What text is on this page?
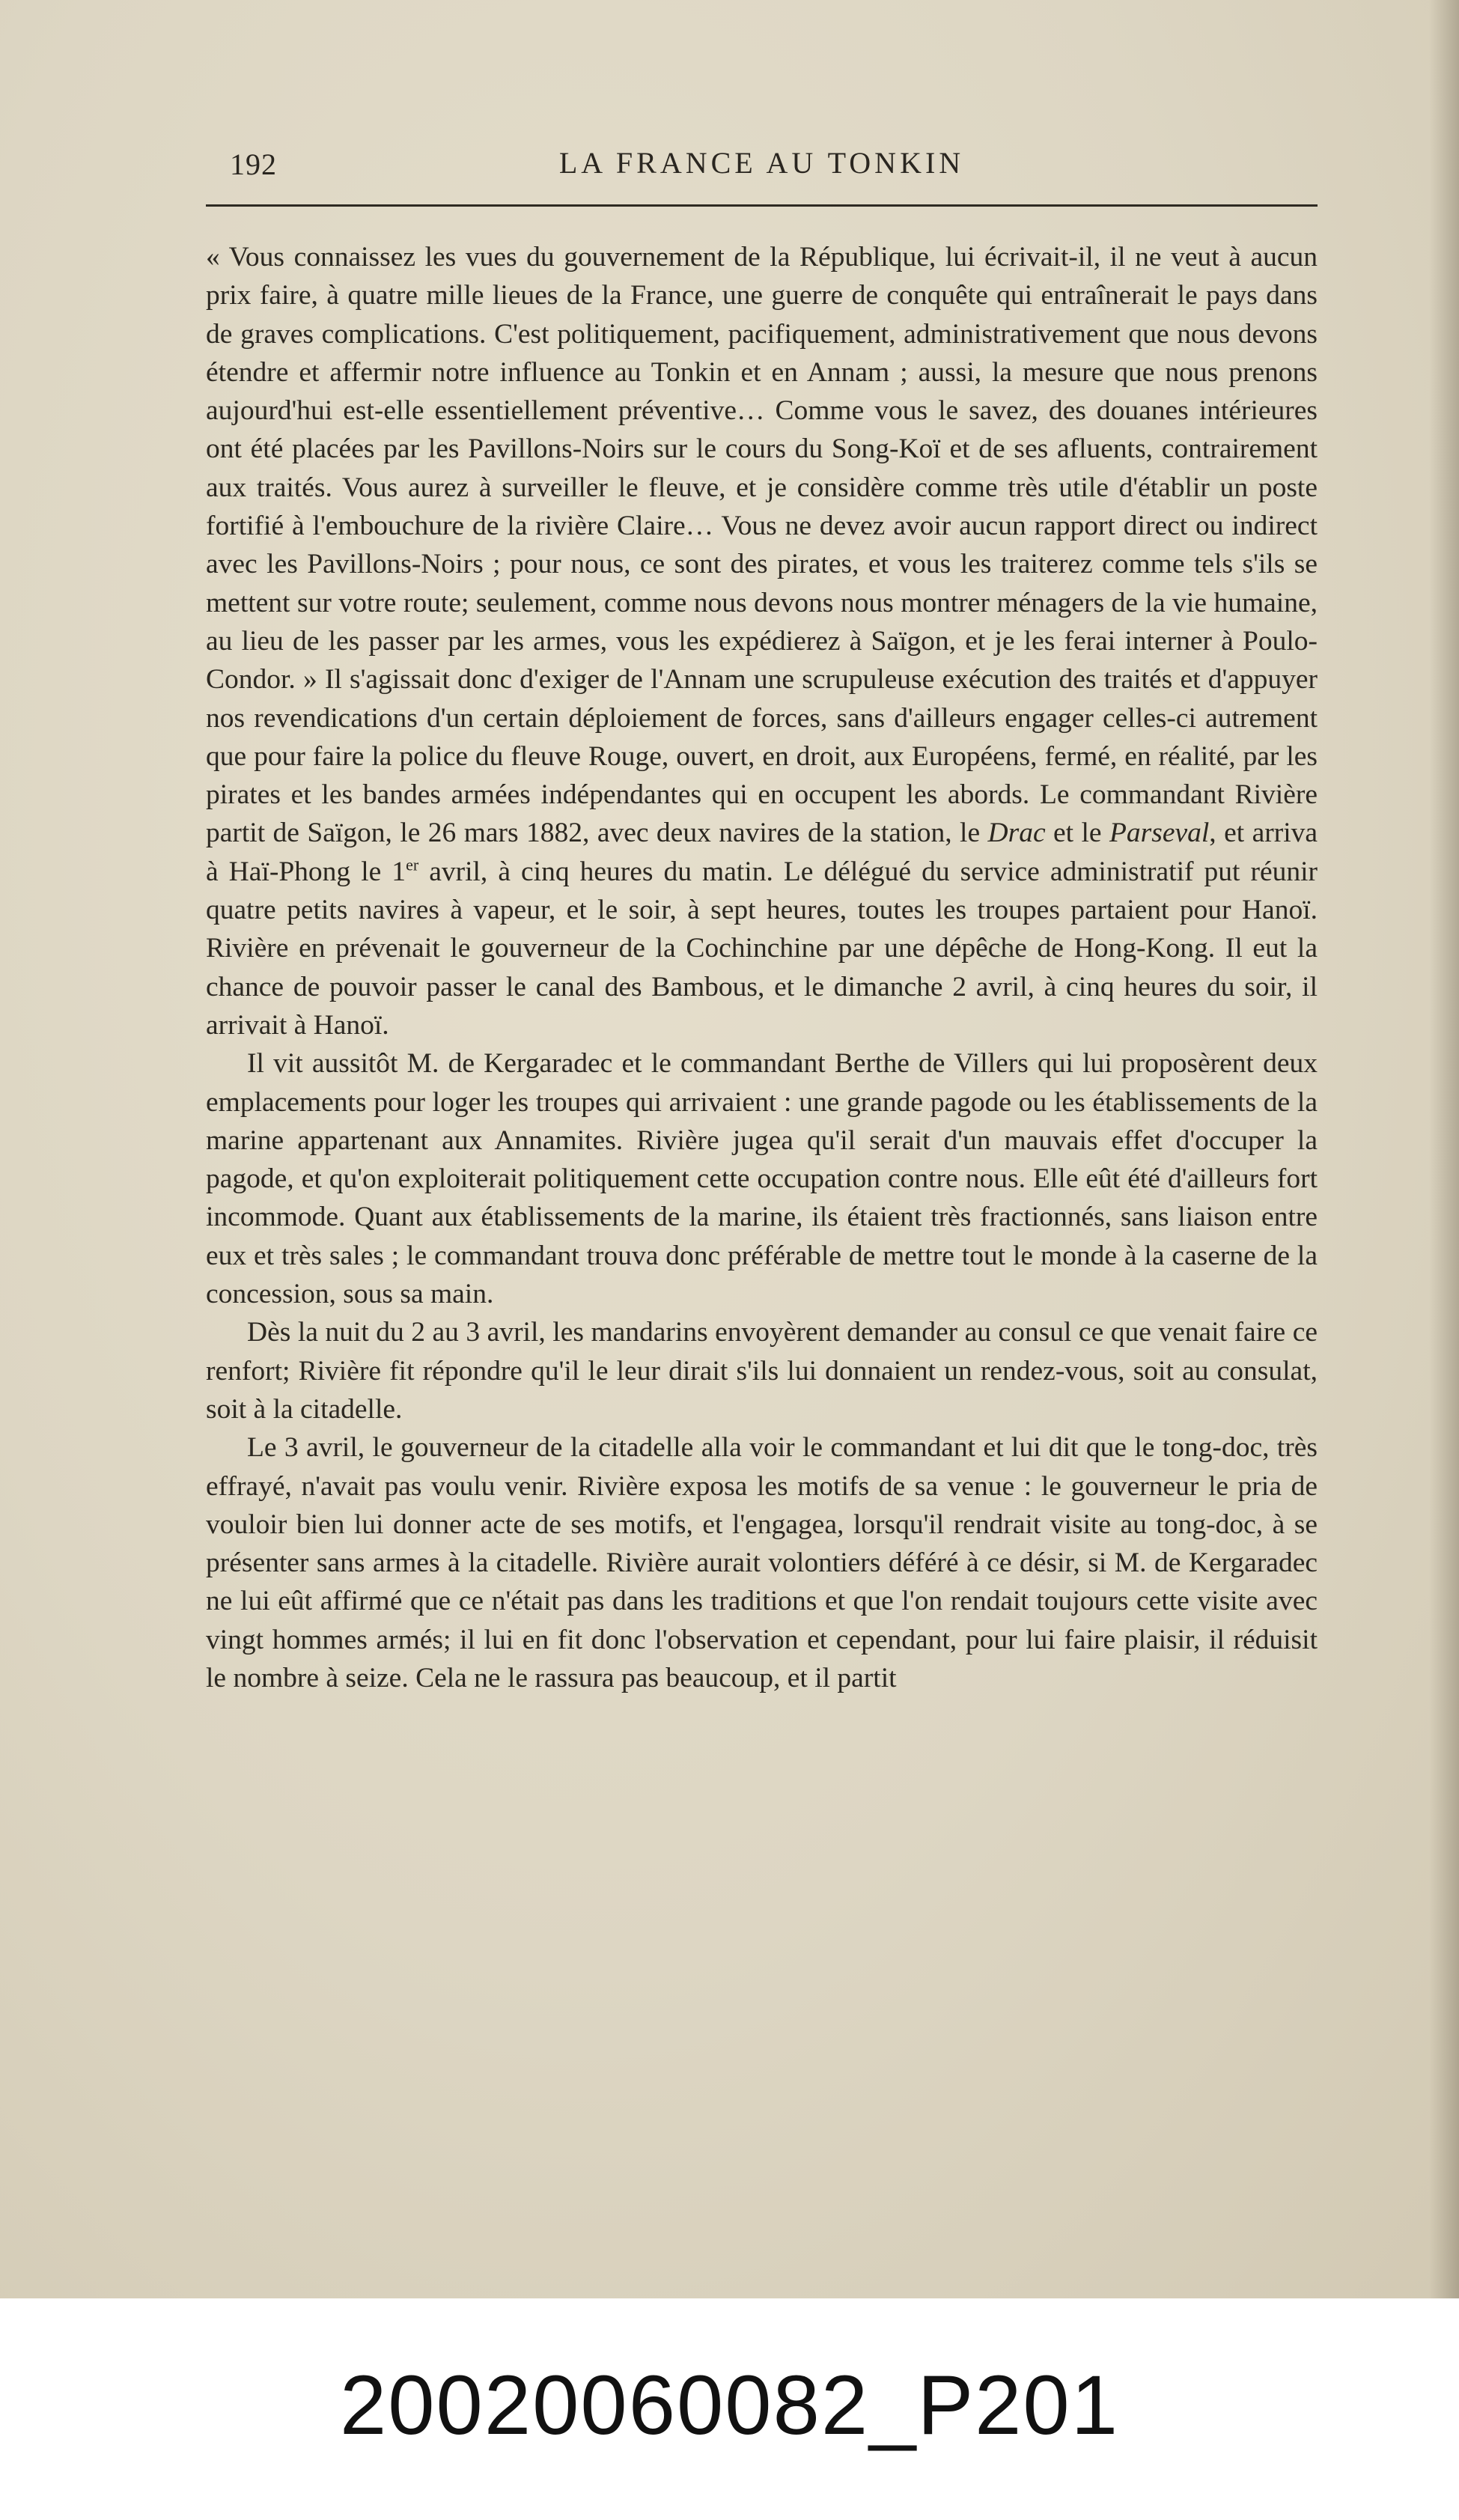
192	LA FRANCE AU TONKIN

« Vous connaissez les vues du gouvernement de la République, lui écrivait-il, il ne veut à aucun prix faire, à quatre mille lieues de la France, une guerre de conquête qui entraînerait le pays dans de graves complications. C'est politiquement, pacifiquement, administrativement que nous devons étendre et affermir notre influence au Tonkin et en Annam ; aussi, la mesure que nous prenons aujourd'hui est-elle essentiellement préventive… Comme vous le savez, des douanes intérieures ont été placées par les Pavillons-Noirs sur le cours du Song-Koï et de ses afluents, contrairement aux traités. Vous aurez à surveiller le fleuve, et je considère comme très utile d'établir un poste fortifié à l'embouchure de la rivière Claire… Vous ne devez avoir aucun rapport direct ou indirect avec les Pavillons-Noirs ; pour nous, ce sont des pirates, et vous les traiterez comme tels s'ils se mettent sur votre route; seulement, comme nous devons nous montrer ménagers de la vie humaine, au lieu de les passer par les armes, vous les expédierez à Saïgon, et je les ferai interner à Poulo-Condor. » Il s'agissait donc d'exiger de l'Annam une scrupuleuse exécution des traités et d'appuyer nos revendications d'un certain déploiement de forces, sans d'ailleurs engager celles-ci autrement que pour faire la police du fleuve Rouge, ouvert, en droit, aux Européens, fermé, en réalité, par les pirates et les bandes armées indépendantes qui en occupent les abords. Le commandant Rivière partit de Saïgon, le 26 mars 1882, avec deux navires de la station, le Drac et le Parseval, et arriva à Haï-Phong le 1er avril, à cinq heures du matin. Le délégué du service administratif put réunir quatre petits navires à vapeur, et le soir, à sept heures, toutes les troupes partaient pour Hanoï. Rivière en prévenait le gouverneur de la Cochinchine par une dépêche de Hong-Kong. Il eut la chance de pouvoir passer le canal des Bambous, et le dimanche 2 avril, à cinq heures du soir, il arrivait à Hanoï.

Il vit aussitôt M. de Kergaradec et le commandant Berthe de Villers qui lui proposèrent deux emplacements pour loger les troupes qui arrivaient : une grande pagode ou les établissements de la marine appartenant aux Annamites. Rivière jugea qu'il serait d'un mauvais effet d'occuper la pagode, et qu'on exploiterait politiquement cette occupation contre nous. Elle eût été d'ailleurs fort incommode. Quant aux établissements de la marine, ils étaient très fractionnés, sans liaison entre eux et très sales ; le commandant trouva donc préférable de mettre tout le monde à la caserne de la concession, sous sa main.

Dès la nuit du 2 au 3 avril, les mandarins envoyèrent demander au consul ce que venait faire ce renfort; Rivière fit répondre qu'il le leur dirait s'ils lui donnaient un rendez-vous, soit au consulat, soit à la citadelle.

Le 3 avril, le gouverneur de la citadelle alla voir le commandant et lui dit que le tong-doc, très effrayé, n'avait pas voulu venir. Rivière exposa les motifs de sa venue : le gouverneur le pria de vouloir bien lui donner acte de ses motifs, et l'engagea, lorsqu'il rendrait visite au tong-doc, à se présenter sans armes à la citadelle. Rivière aurait volontiers déféré à ce désir, si M. de Kergaradec ne lui eût affirmé que ce n'était pas dans les traditions et que l'on rendait toujours cette visite avec vingt hommes armés; il lui en fit donc l'observation et cependant, pour lui faire plaisir, il réduisit le nombre à seize. Cela ne le rassura pas beaucoup, et il partit

20020060082_P201
